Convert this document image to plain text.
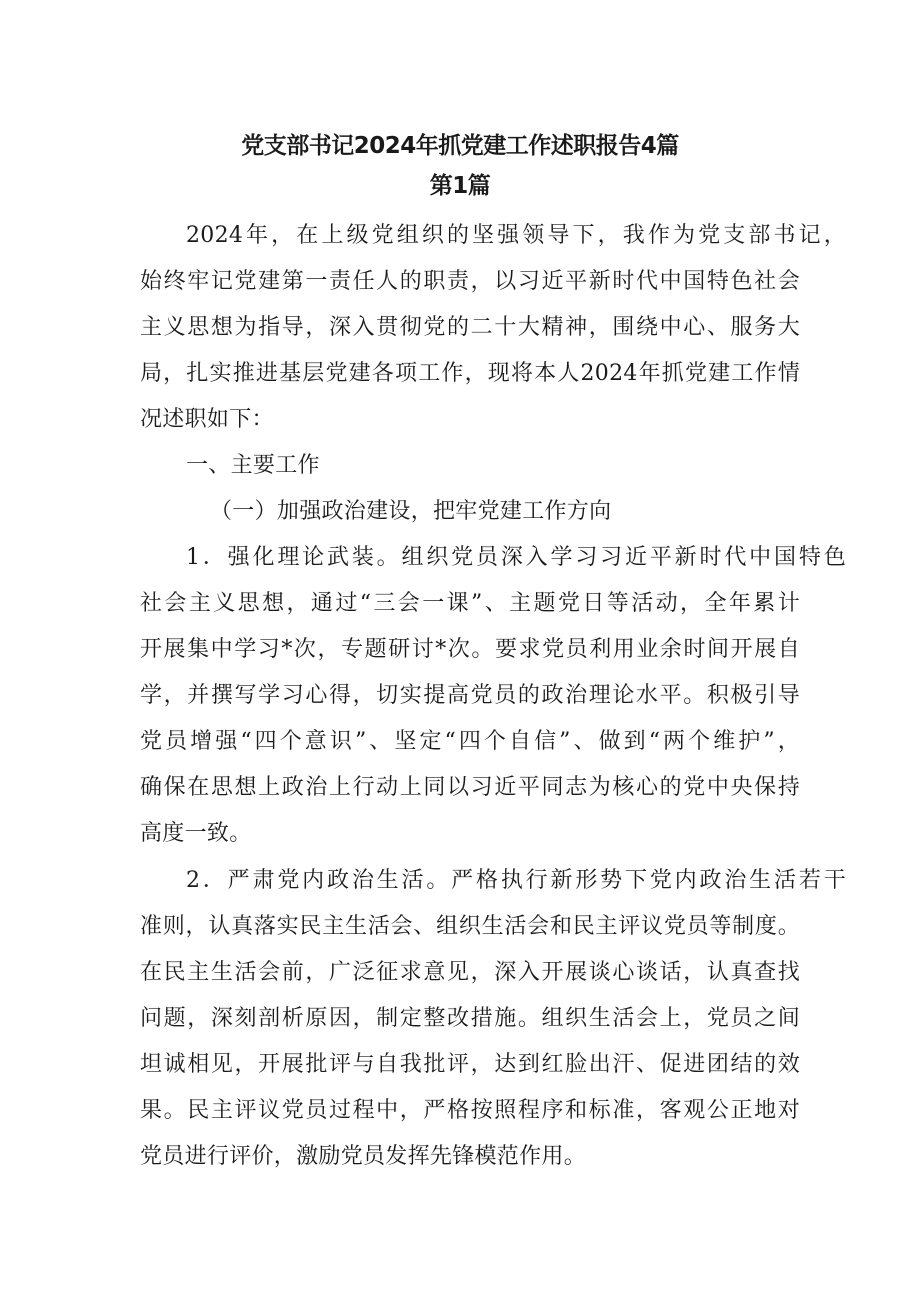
党支部书记2024年抓党建工作述职报告4篇
第1篇
2024年，在上级党组织的坚强领导下，我作为党支部书记，
始终牢记党建第一责任人的职责，以习近平新时代中国特色社会
主义思想为指导，深入贯彻党的二十大精神，围绕中心、服务大
局，扎实推进基层党建各项工作，现将本人2024年抓党建工作情
况述职如下：
一、主要工作
（一）加强政治建设，把牢党建工作方向
1．强化理论武装。组织党员深入学习习近平新时代中国特色
社会主义思想，通过“三会一课”、主题党日等活动，全年累计
开展集中学习*次，专题研讨*次。要求党员利用业余时间开展自
学，并撰写学习心得，切实提高党员的政治理论水平。积极引导
党员增强“四个意识”、坚定“四个自信”、做到“两个维护”，
确保在思想上政治上行动上同以习近平同志为核心的党中央保持
高度一致。
2．严肃党内政治生活。严格执行新形势下党内政治生活若干
准则，认真落实民主生活会、组织生活会和民主评议党员等制度。
在民主生活会前，广泛征求意见，深入开展谈心谈话，认真查找
问题，深刻剖析原因，制定整改措施。组织生活会上，党员之间
坦诚相见，开展批评与自我批评，达到红脸出汗、促进团结的效
果。民主评议党员过程中，严格按照程序和标准，客观公正地对
党员进行评价，激励党员发挥先锋模范作用。
